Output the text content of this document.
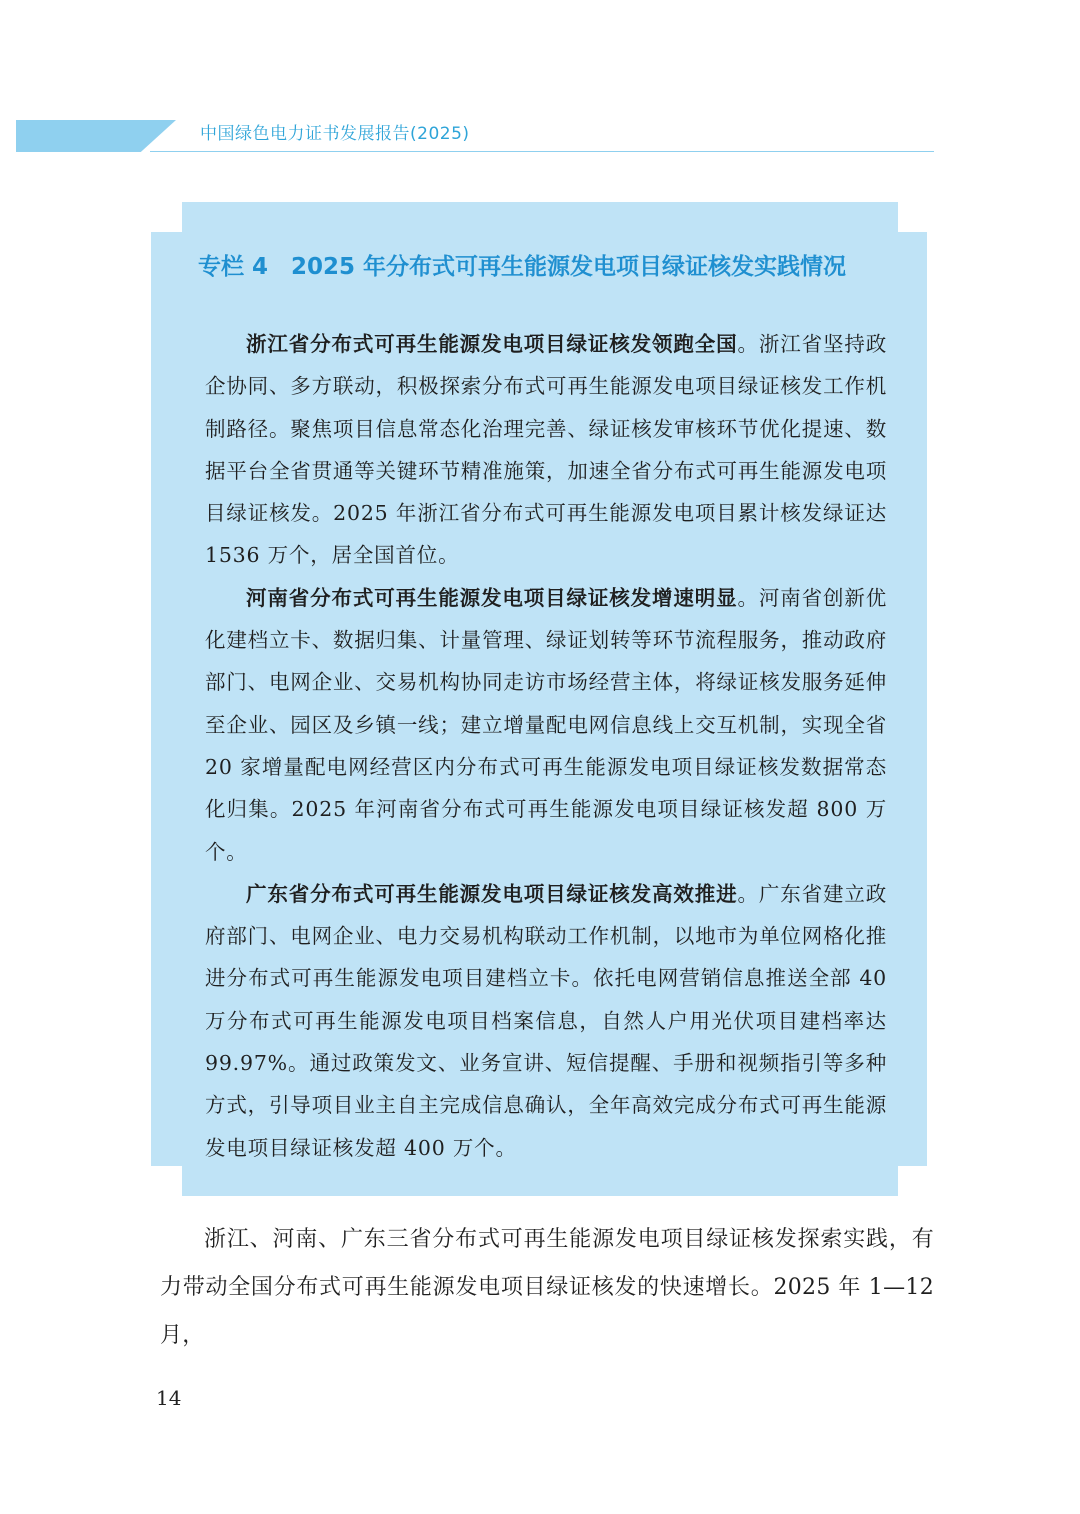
中国绿色电力证书发展报告(2025)
专栏 4　2025 年分布式可再生能源发电项目绿证核发实践情况

浙江省分布式可再生能源发电项目绿证核发领跑全国。浙江省坚持政企协同、多方联动，积极探索分布式可再生能源发电项目绿证核发工作机制路径。聚焦项目信息常态化治理完善、绿证核发审核环节优化提速、数据平台全省贯通等关键环节精准施策，加速全省分布式可再生能源发电项目绿证核发。2025 年浙江省分布式可再生能源发电项目累计核发绿证达 1536 万个，居全国首位。

河南省分布式可再生能源发电项目绿证核发增速明显。河南省创新优化建档立卡、数据归集、计量管理、绿证划转等环节流程服务，推动政府部门、电网企业、交易机构协同走访市场经营主体，将绿证核发服务延伸至企业、园区及乡镇一线；建立增量配电网信息线上交互机制，实现全省 20 家增量配电网经营区内分布式可再生能源发电项目绿证核发数据常态化归集。2025 年河南省分布式可再生能源发电项目绿证核发超 800 万个。

广东省分布式可再生能源发电项目绿证核发高效推进。广东省建立政府部门、电网企业、电力交易机构联动工作机制，以地市为单位网格化推进分布式可再生能源发电项目建档立卡。依托电网营销信息推送全部 40 万分布式可再生能源发电项目档案信息，自然人户用光伏项目建档率达 99.97%。通过政策发文、业务宣讲、短信提醒、手册和视频指引等多种方式，引导项目业主自主完成信息确认，全年高效完成分布式可再生能源发电项目绿证核发超 400 万个。

浙江、河南、广东三省分布式可再生能源发电项目绿证核发探索实践，有力带动全国分布式可再生能源发电项目绿证核发的快速增长。2025 年 1—12 月，

14
